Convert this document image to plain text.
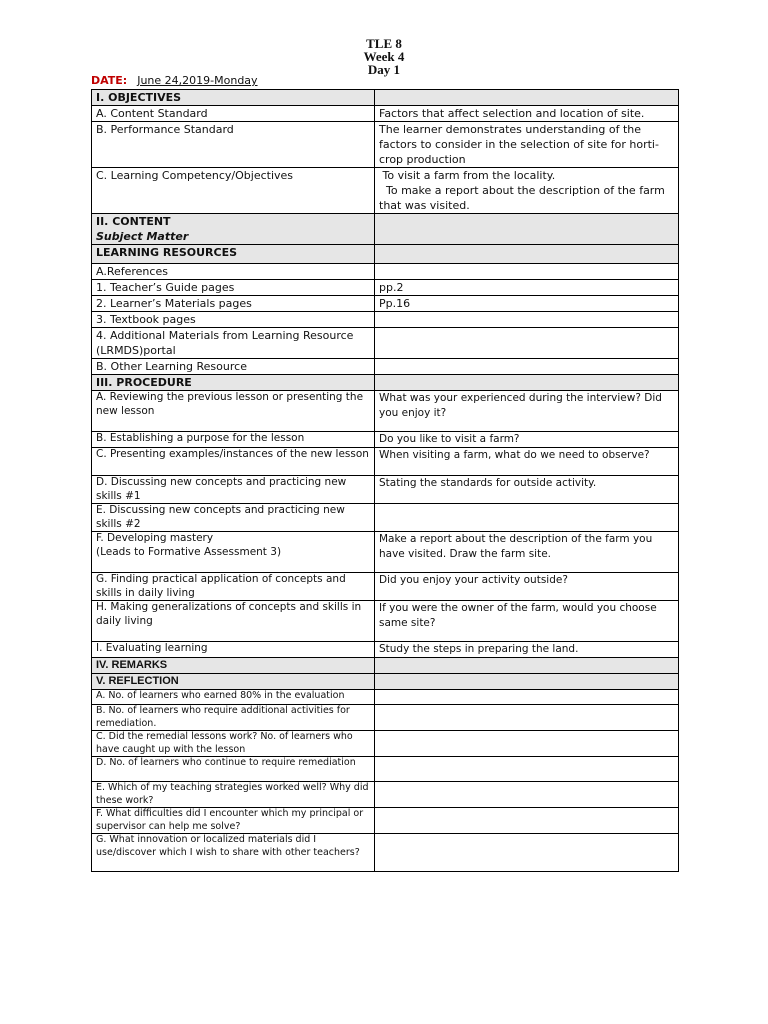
TLE 8
Week 4
Day 1
DATE: June 24,2019-Monday
I. OBJECTIVES	
A. Content Standard	Factors that affect selection and location of site.
B. Performance Standard	The learner demonstrates understanding of the factors to consider in the selection of site for horti-crop production
C. Learning Competency/Objectives	To visit a farm from the locality.
To make a report about the description of the farm that was visited.

II. CONTENT
Subject Matter	

LEARNING RESOURCES	
A.References	
1. Teacher’s Guide pages	pp.2
2. Learner’s Materials pages	Pp.16
3. Textbook pages	
4. Additional Materials from Learning Resource (LRMDS)portal	
B. Other Learning Resource	
III. PROCEDURE	
A. Reviewing the previous lesson or presenting the new lesson	What was your experienced during the interview? Did you enjoy it?
B. Establishing a purpose for the lesson	Do you like to visit a farm?
C. Presenting examples/instances of the new lesson	When visiting a farm, what do we need to observe?
D. Discussing new concepts and practicing new skills #1	Stating the standards for outside activity.
E. Discussing new concepts and practicing new skills #2	

F. Developing mastery
(Leads to Formative Assessment 3)	Make a report about the description of the farm you have visited. Draw the farm site.
G. Finding practical application of concepts and skills in daily living	Did you enjoy your activity outside?
H. Making generalizations of concepts and skills in daily living	If you were the owner of the farm, would you choose same site?
I. Evaluating learning	Study the steps in preparing the land.
IV. REMARKS	
V. REFLECTION	
A. No. of learners who earned 80% in the evaluation	
B. No. of learners who require additional activities for remediation.	
C. Did the remedial lessons work? No. of learners who have caught up with the lesson	
D. No. of learners who continue to require remediation	
E. Which of my teaching strategies worked well? Why did these work?	
F. What difficulties did I encounter which my principal or supervisor can help me solve?	
G. What innovation or localized materials did I use/discover which I wish to share with other teachers?	
